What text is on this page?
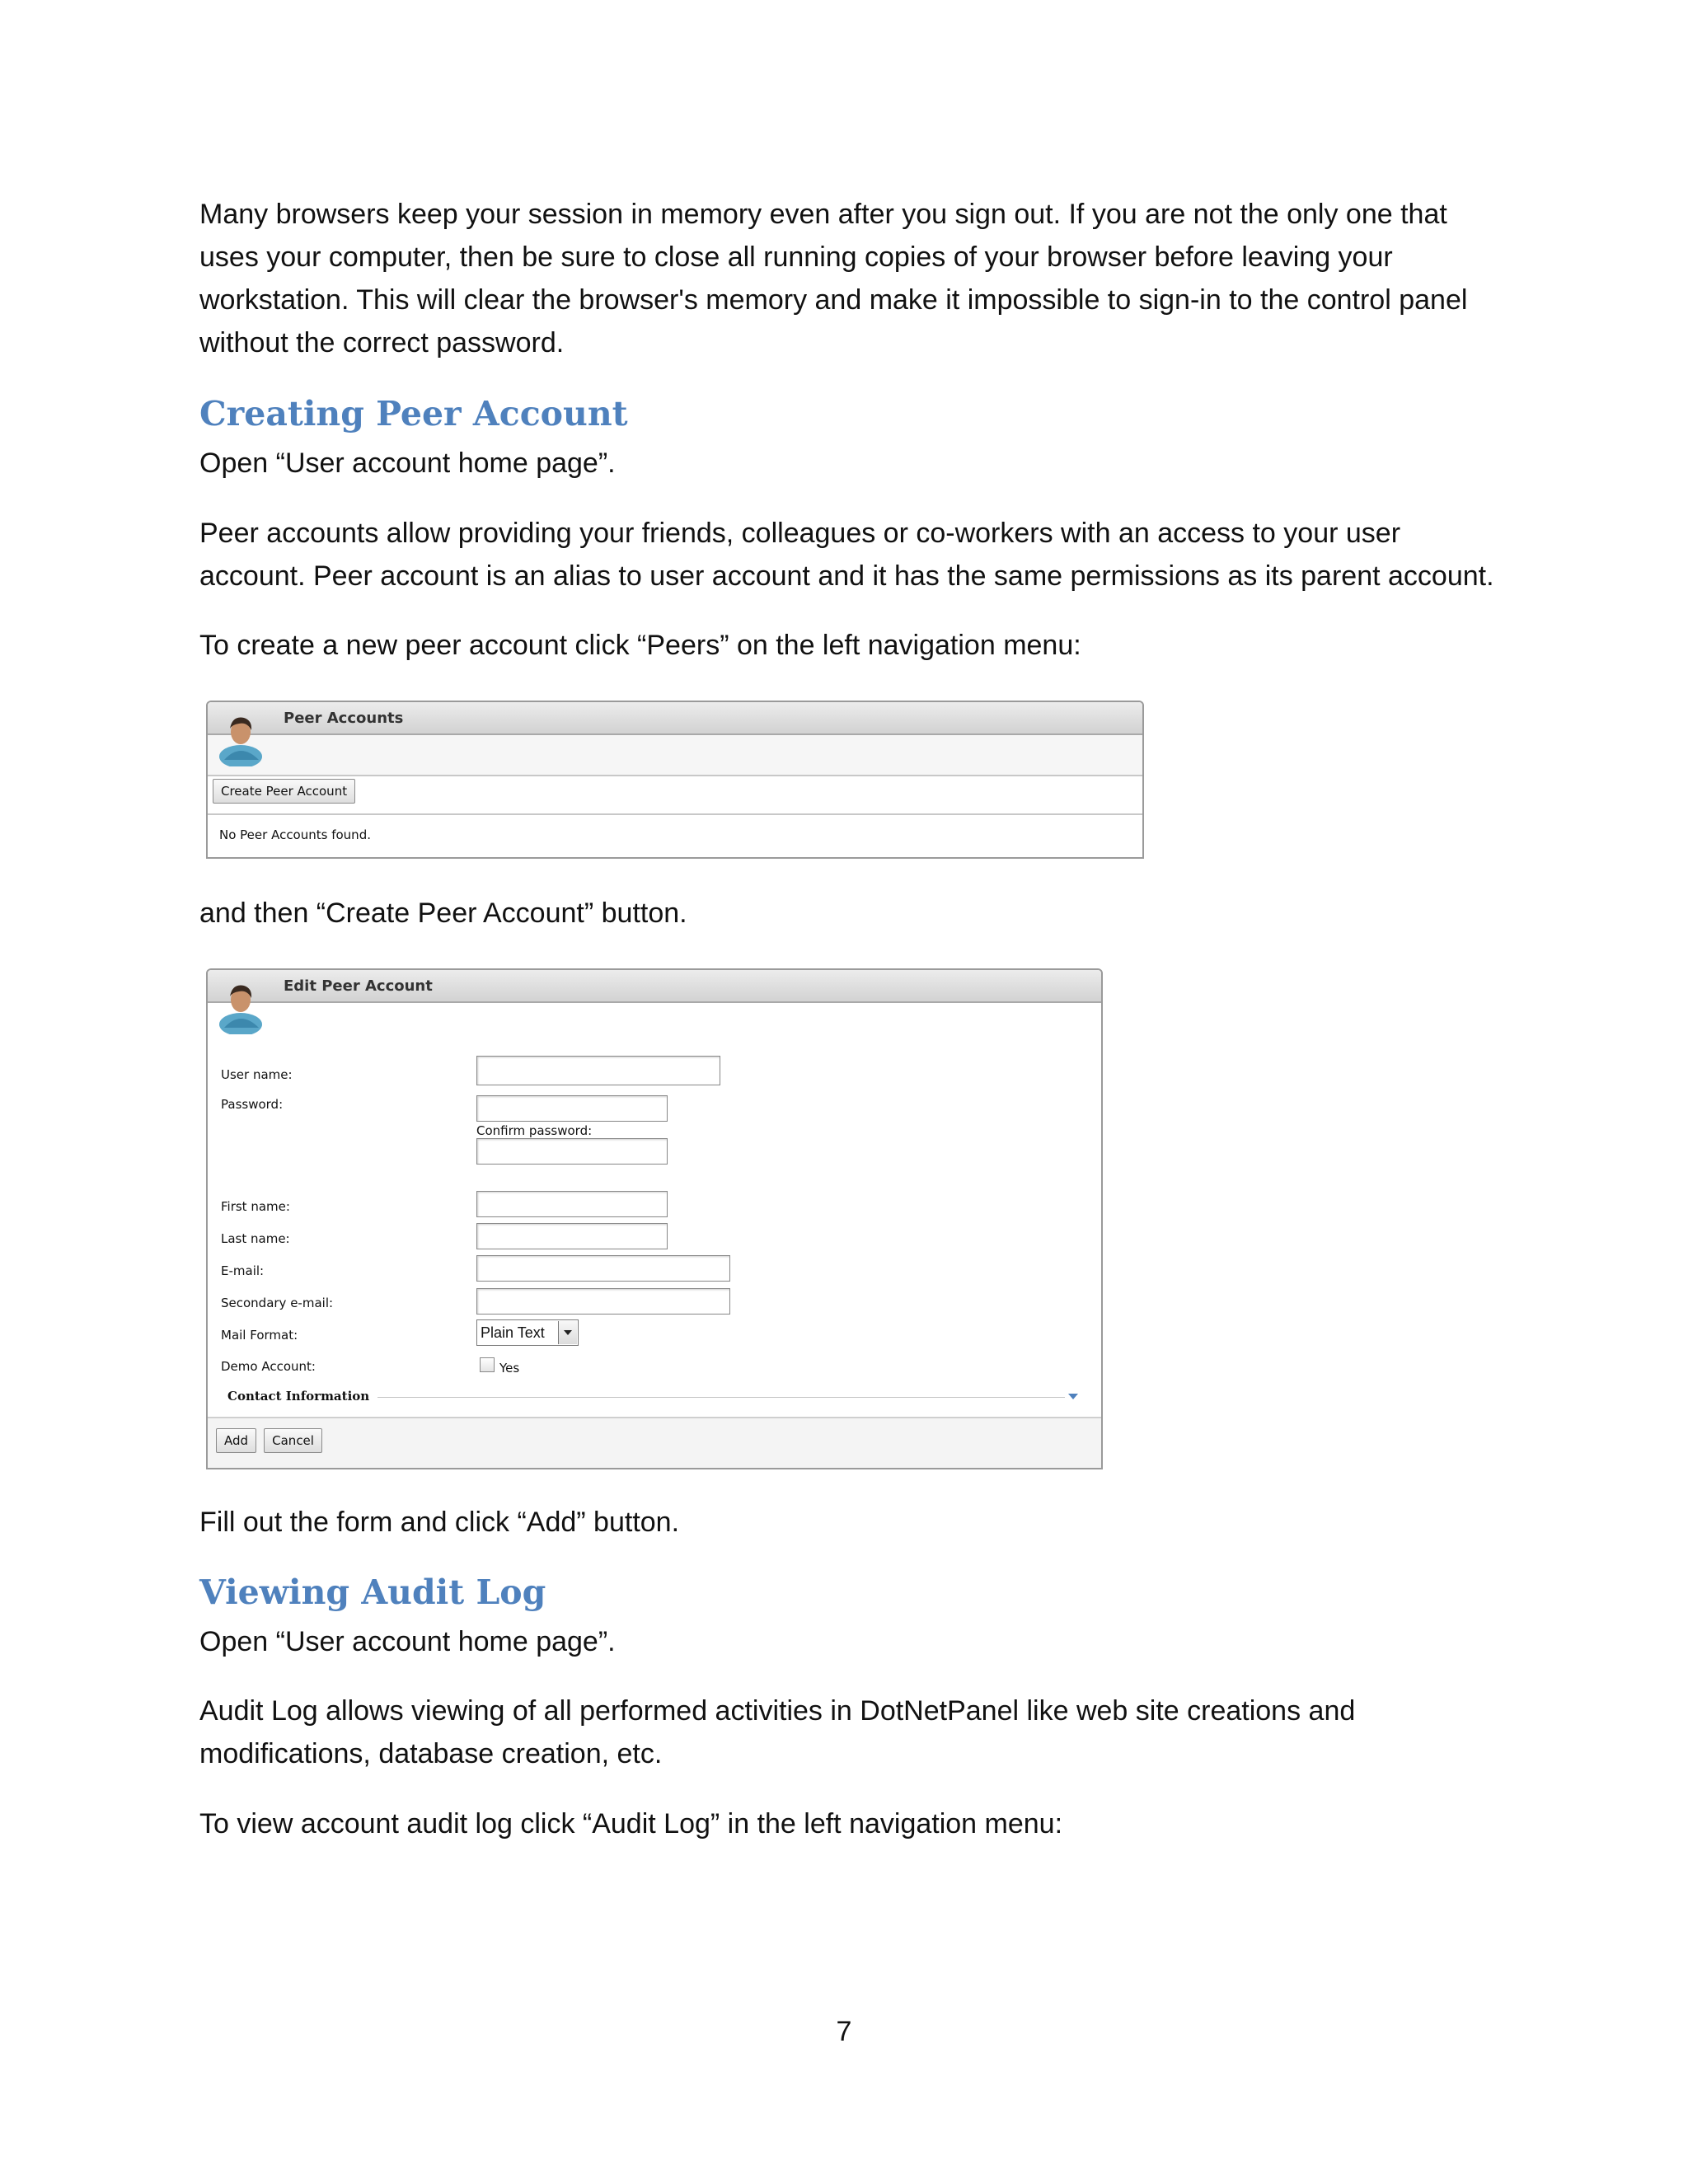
Many browsers keep your session in memory even after you sign out. If you are not the only one that uses your computer, then be sure to close all running copies of your browser before leaving your workstation. This will clear the browser's memory and make it impossible to sign-in to the control panel without the correct password.

Creating Peer Account

Open “User account home page”.

Peer accounts allow providing your friends, colleagues or co-workers with an access to your user account. Peer account is an alias to user account and it has the same permissions as its parent account.

To create a new peer account click “Peers” on the left navigation menu:

Peer Accounts
Create Peer Account
No Peer Accounts found.

and then “Create Peer Account” button.

Edit Peer Account
User name:
Password:
Confirm password:
First name:
Last name:
E-mail:
Secondary e-mail:
Mail Format:	Plain Text
Demo Account:	Yes
Contact Information
Add Cancel

Fill out the form and click “Add” button.

Viewing Audit Log

Open “User account home page”.

Audit Log allows viewing of all performed activities in DotNetPanel like web site creations and modifications, database creation, etc.

To view account audit log click “Audit Log” in the left navigation menu:

7
